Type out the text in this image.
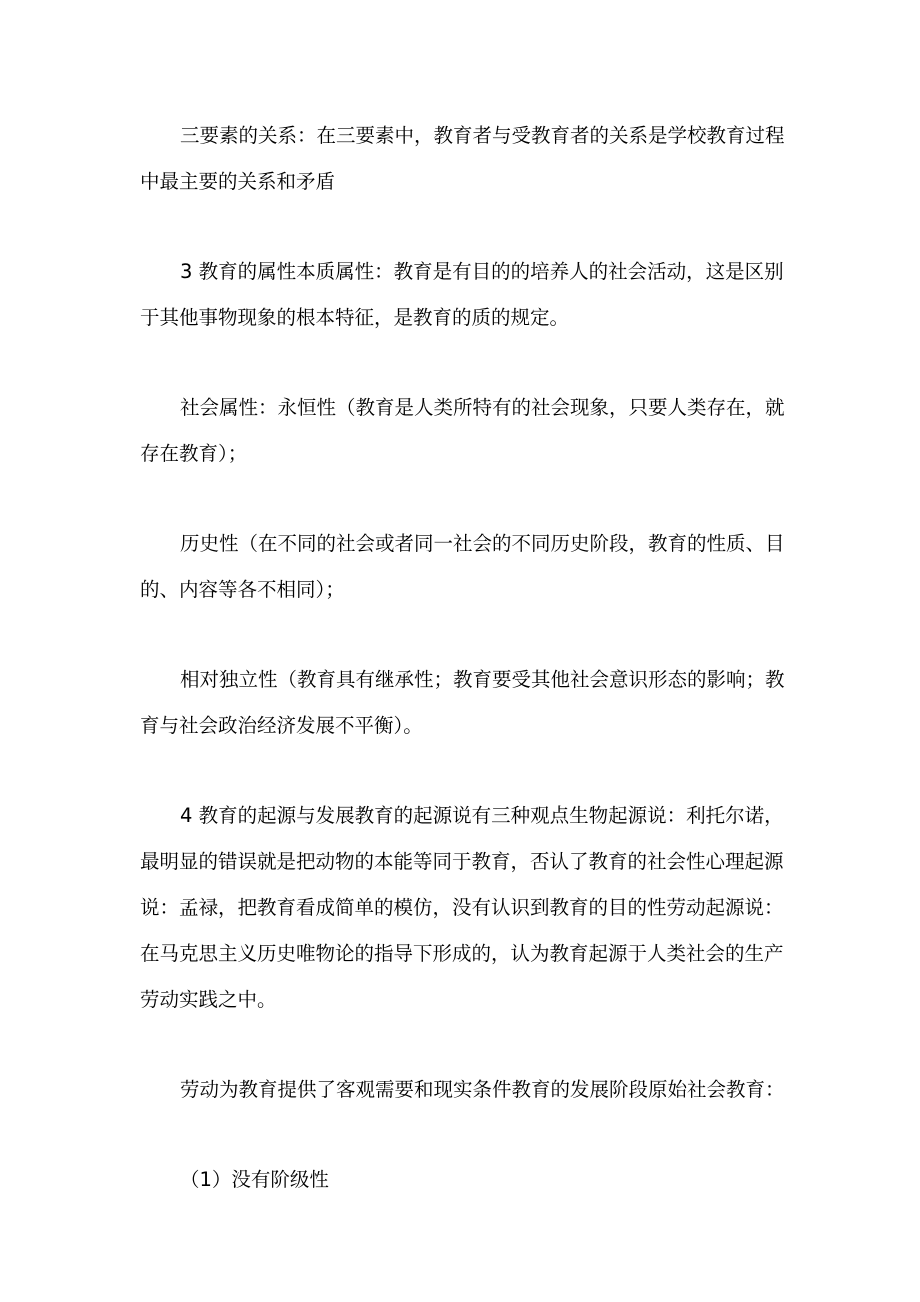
三要素的关系：在三要素中，教育者与受教育者的关系是学校教育过程中最主要的关系和矛盾

3 教育的属性本质属性：教育是有目的的培养人的社会活动，这是区别于其他事物现象的根本特征，是教育的质的规定。

社会属性：永恒性（教育是人类所特有的社会现象，只要人类存在，就存在教育）；

历史性（在不同的社会或者同一社会的不同历史阶段，教育的性质、目的、内容等各不相同）；

相对独立性（教育具有继承性；教育要受其他社会意识形态的影响；教育与社会政治经济发展不平衡）。

4 教育的起源与发展教育的起源说有三种观点生物起源说：利托尔诺，最明显的错误就是把动物的本能等同于教育，否认了教育的社会性心理起源说：孟禄，把教育看成简单的模仿，没有认识到教育的目的性劳动起源说：在马克思主义历史唯物论的指导下形成的，认为教育起源于人类社会的生产劳动实践之中。

劳动为教育提供了客观需要和现实条件教育的发展阶段原始社会教育：

（1）没有阶级性
